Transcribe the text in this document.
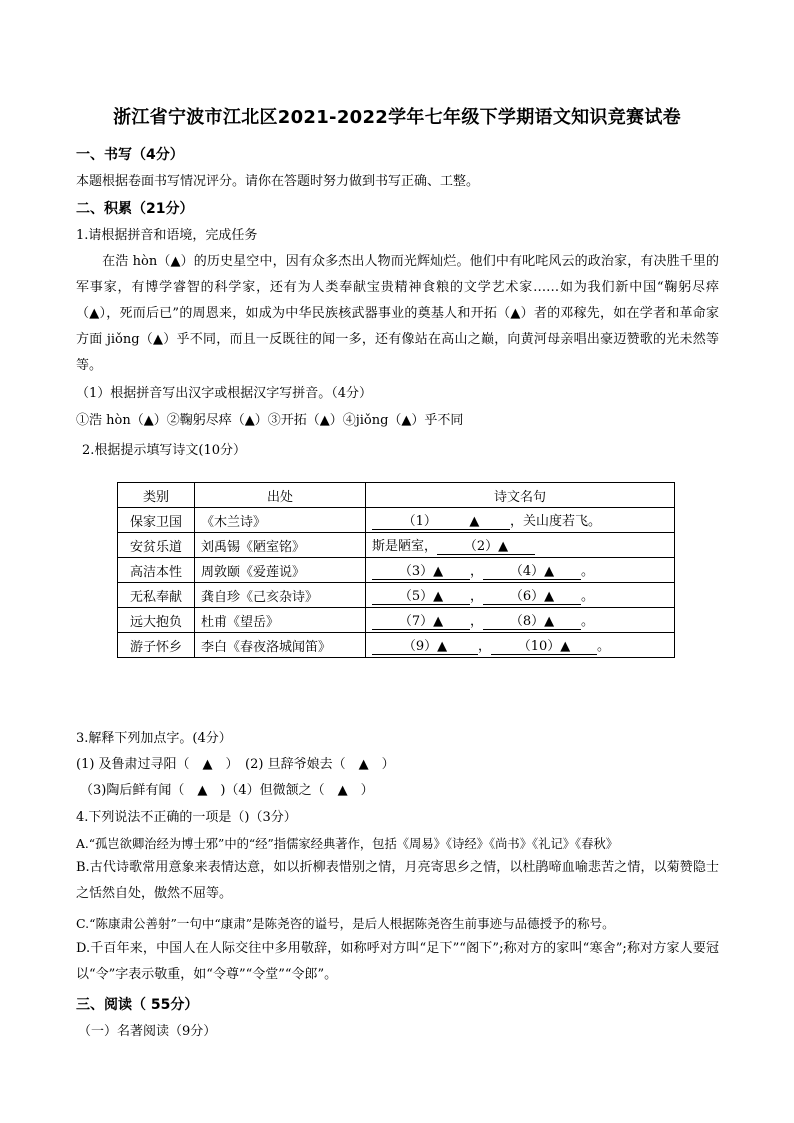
浙江省宁波市江北区2021-2022学年七年级下学期语文知识竞赛试卷
一、书写（4分）
本题根据卷面书写情况评分。请你在答题时努力做到书写正确、工整。
二、积累（21分）
1.请根据拼音和语境，完成任务
在浩 hòn（▲）的历史星空中，因有众多杰出人物而光辉灿烂。他们中有叱咤风云的政治家，有决胜千里的军事家，有博学睿智的科学家，还有为人类奉献宝贵精神食粮的文学艺术家……如为我们新中国“鞠躬尽瘁（▲），死而后已”的周恩来，如成为中华民族核武器事业的奠基人和开拓（▲）者的邓稼先，如在学者和革命家方面 jiǒng（▲）乎不同，而且一反既往的闻一多，还有像站在高山之巅，向黄河母亲唱出豪迈赞歌的光未然等等。
（1）根据拼音写出汉字或根据汉字写拼音。（4分）
①浩 hòn（▲）②鞠躬尽瘁（▲）③开拓（▲）④jiǒng（▲）乎不同
2.根据提示填写诗文(10分）
类别	出处	诗文名句
保家卫国	《木兰诗》	（1）　　　▲ ，关山度若飞。
安贫乐道	刘禹锡《陋室铭》	斯是陋室， （2）▲
高洁本性	周敦颐《爱莲说》	（3）▲ ， （4）▲ 。
无私奉献	龚自珍《己亥杂诗》	（5）▲ ， （6）▲ 。
远大抱负	杜甫《望岳》	（7）▲ ， （8）▲ 。
游子怀乡	李白《春夜洛城闻笛》	（9）▲ ， （10）▲ 。
3.解释下列加点字。(4分）
(1) 及鲁肃过寻阳（　▲　）　(2) 旦辞爷娘去（　▲　）
（3)陶后鲜有闻（　▲　)（4）但微颔之（　▲　）
4.下列说法不正确的一项是（)（3分）
A.“孤岂欲卿治经为博士邪”中的“经”指儒家经典著作，包括《周易》《诗经》《尚书》《礼记》《春秋》
B.古代诗歌常用意象来表情达意，如以折柳表惜别之情，月亮寄思乡之情，以杜鹃啼血喻悲苦之情，以菊赞隐士之恬然自处，傲然不屈等。
C.“陈康肃公善射”一句中“康肃”是陈尧咨的谥号，是后人根据陈尧咨生前事迹与品德授予的称号。
D.千百年来，中国人在人际交往中多用敬辞，如称呼对方叫“足下”“阁下”;称对方的家叫“寒舍”;称对方家人要冠以“令”字表示敬重，如“令尊”“令堂”“令郎”。
三、阅读（ 55分）
（一）名著阅读（9分）
